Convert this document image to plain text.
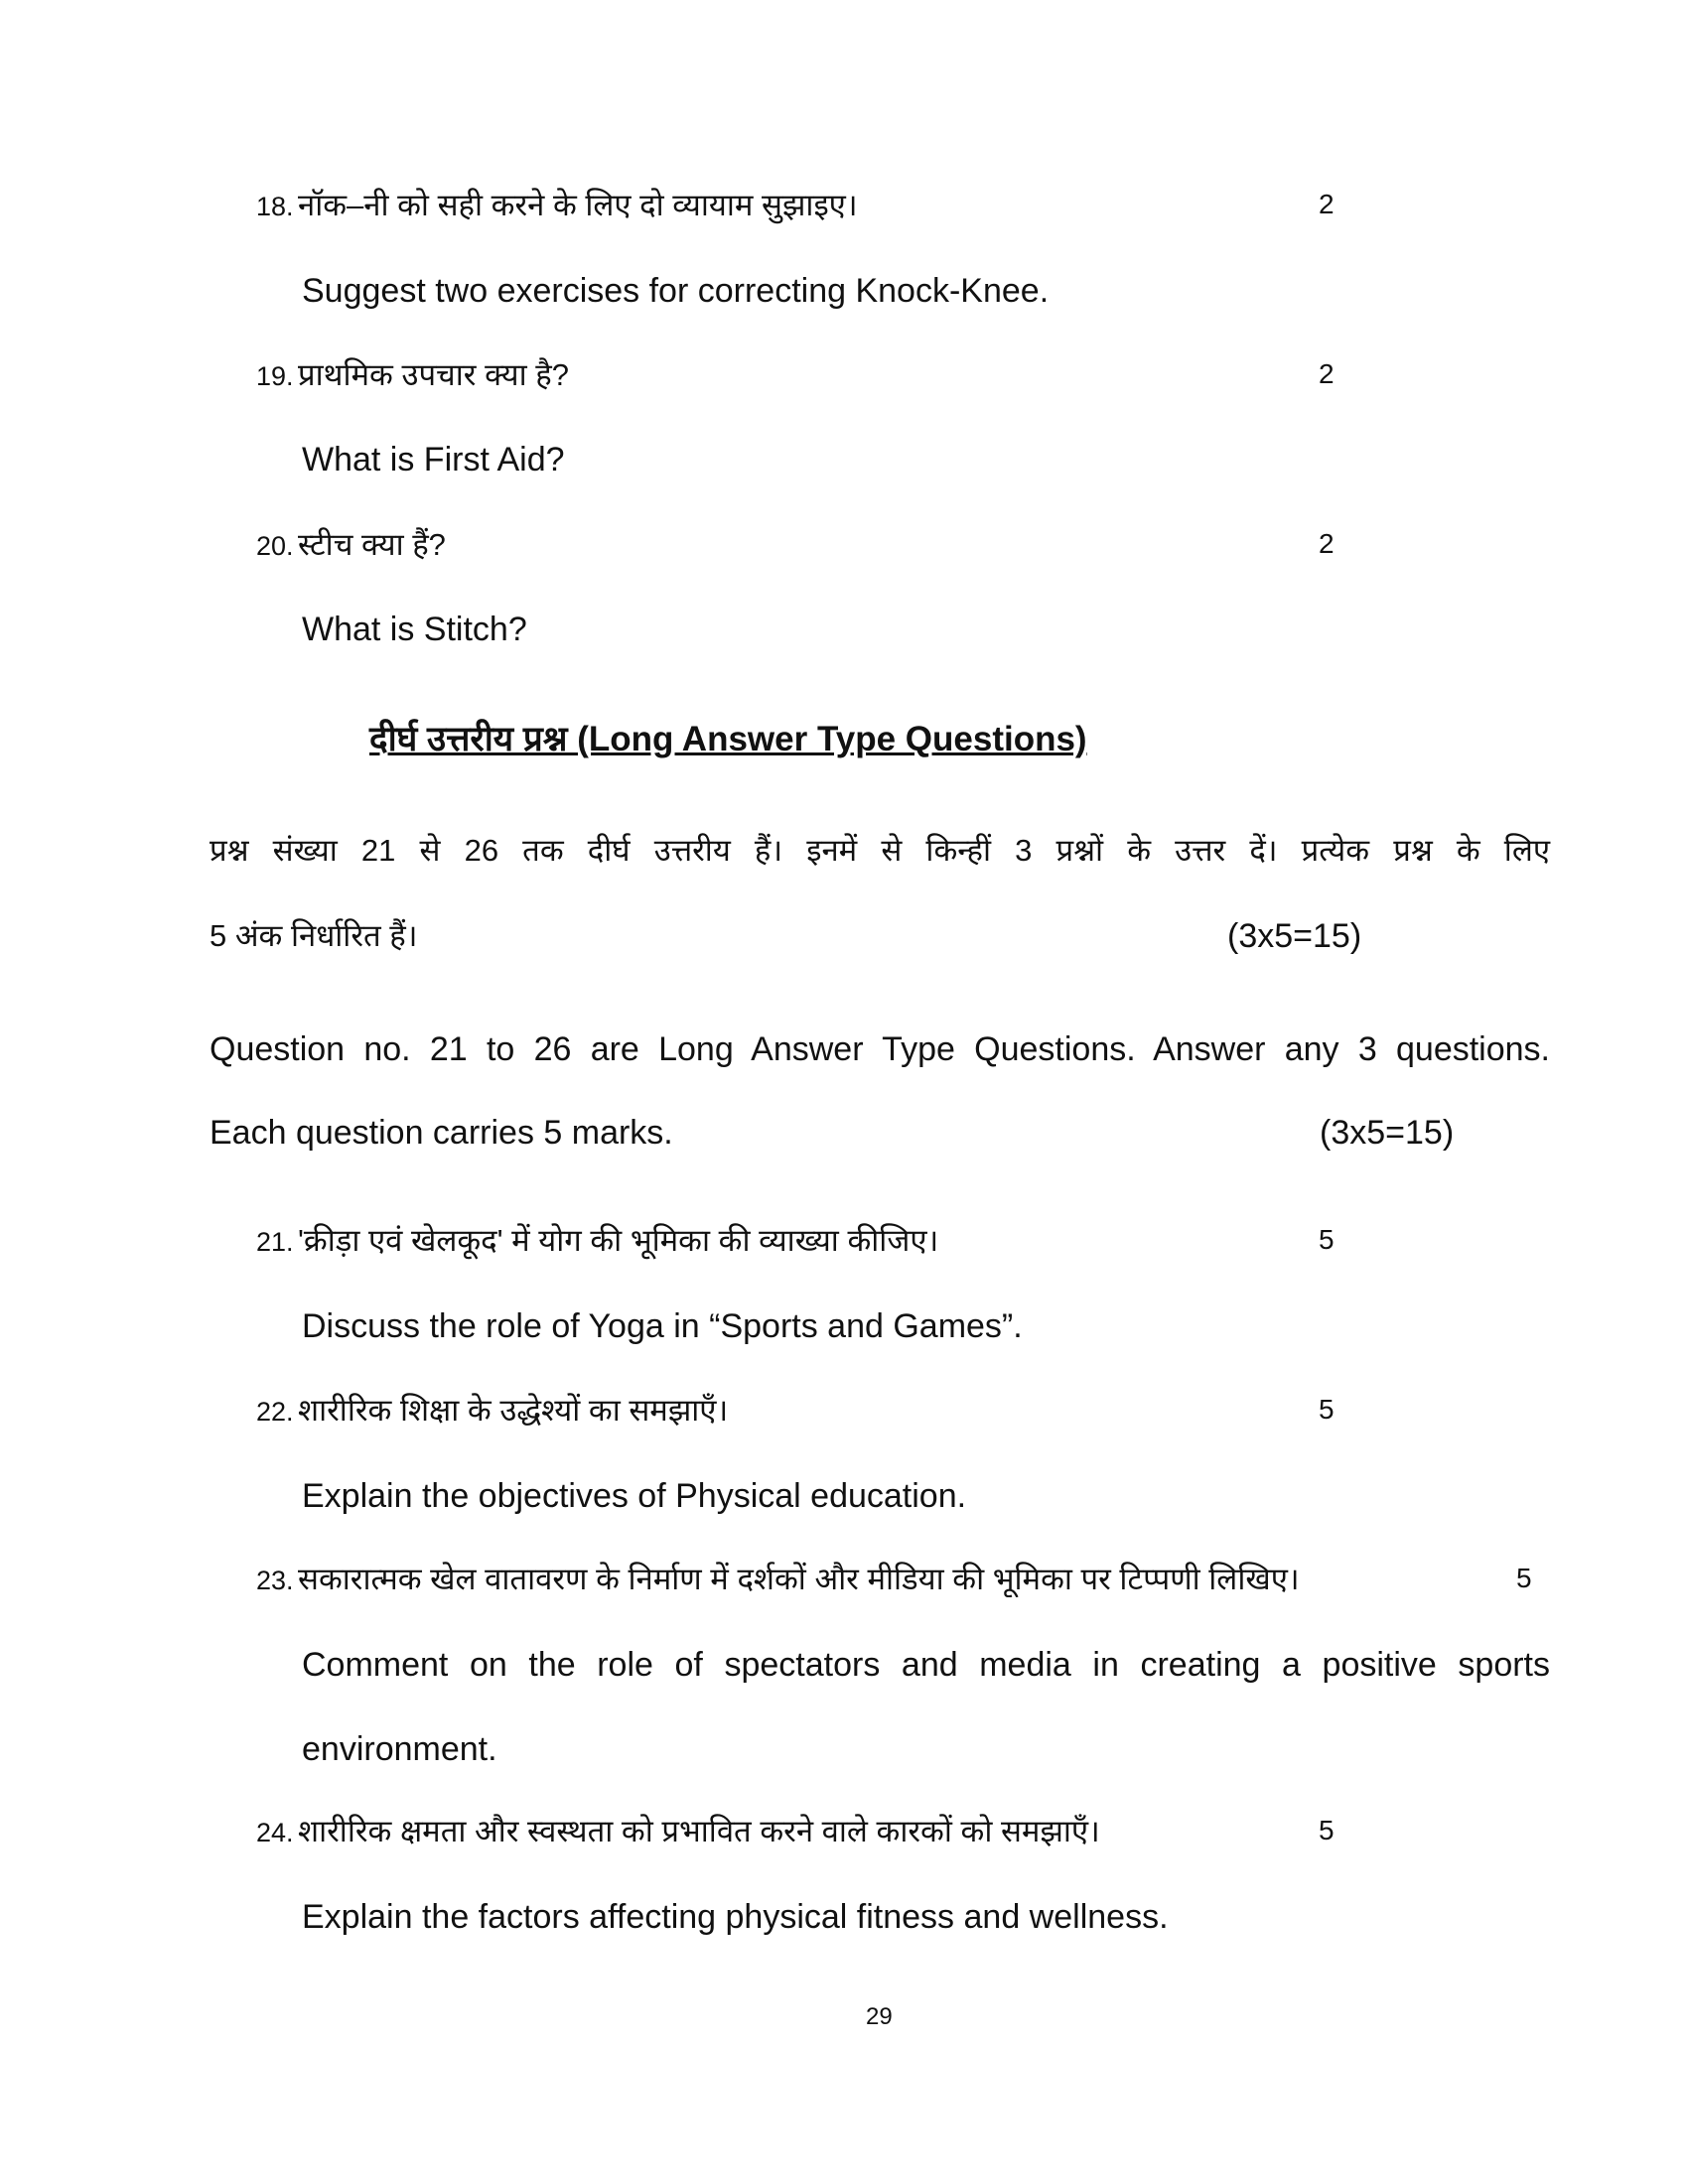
18. नॉक–नी को सही करने के लिए दो व्यायाम सुझाइए।	2
Suggest two exercises for correcting Knock-Knee.
19. प्राथमिक उपचार क्या है?	2
What is First Aid?
20. स्टीच क्या हैं?	2
What is Stitch?
दीर्घ उत्तरीय प्रश्न (Long Answer Type Questions)
प्रश्न संख्या 21 से 26 तक दीर्घ उत्तरीय हैं। इनमें से किन्हीं 3 प्रश्नों के उत्तर दें। प्रत्येक प्रश्न के लिए
5 अंक निर्धारित हैं।	(3x5=15)
Question no. 21 to 26 are Long Answer Type Questions. Answer any 3 questions.
Each question carries 5 marks.	(3x5=15)
21. 'क्रीड़ा एवं खेलकूद' में योग की भूमिका की व्याख्या कीजिए।	5
Discuss the role of Yoga in “Sports and Games”.
22. शारीरिक शिक्षा के उद्धेश्यों का समझाएँ।	5
Explain the objectives of Physical education.
23. सकारात्मक खेल वातावरण के निर्माण में दर्शकों और मीडिया की भूमिका पर टिप्पणी लिखिए।	5
Comment on the role of spectators and media in creating a positive sports
environment.
24. शारीरिक क्षमता और स्वस्थता को प्रभावित करने वाले कारकों को समझाएँ।	5
Explain the factors affecting physical fitness and wellness.
29
